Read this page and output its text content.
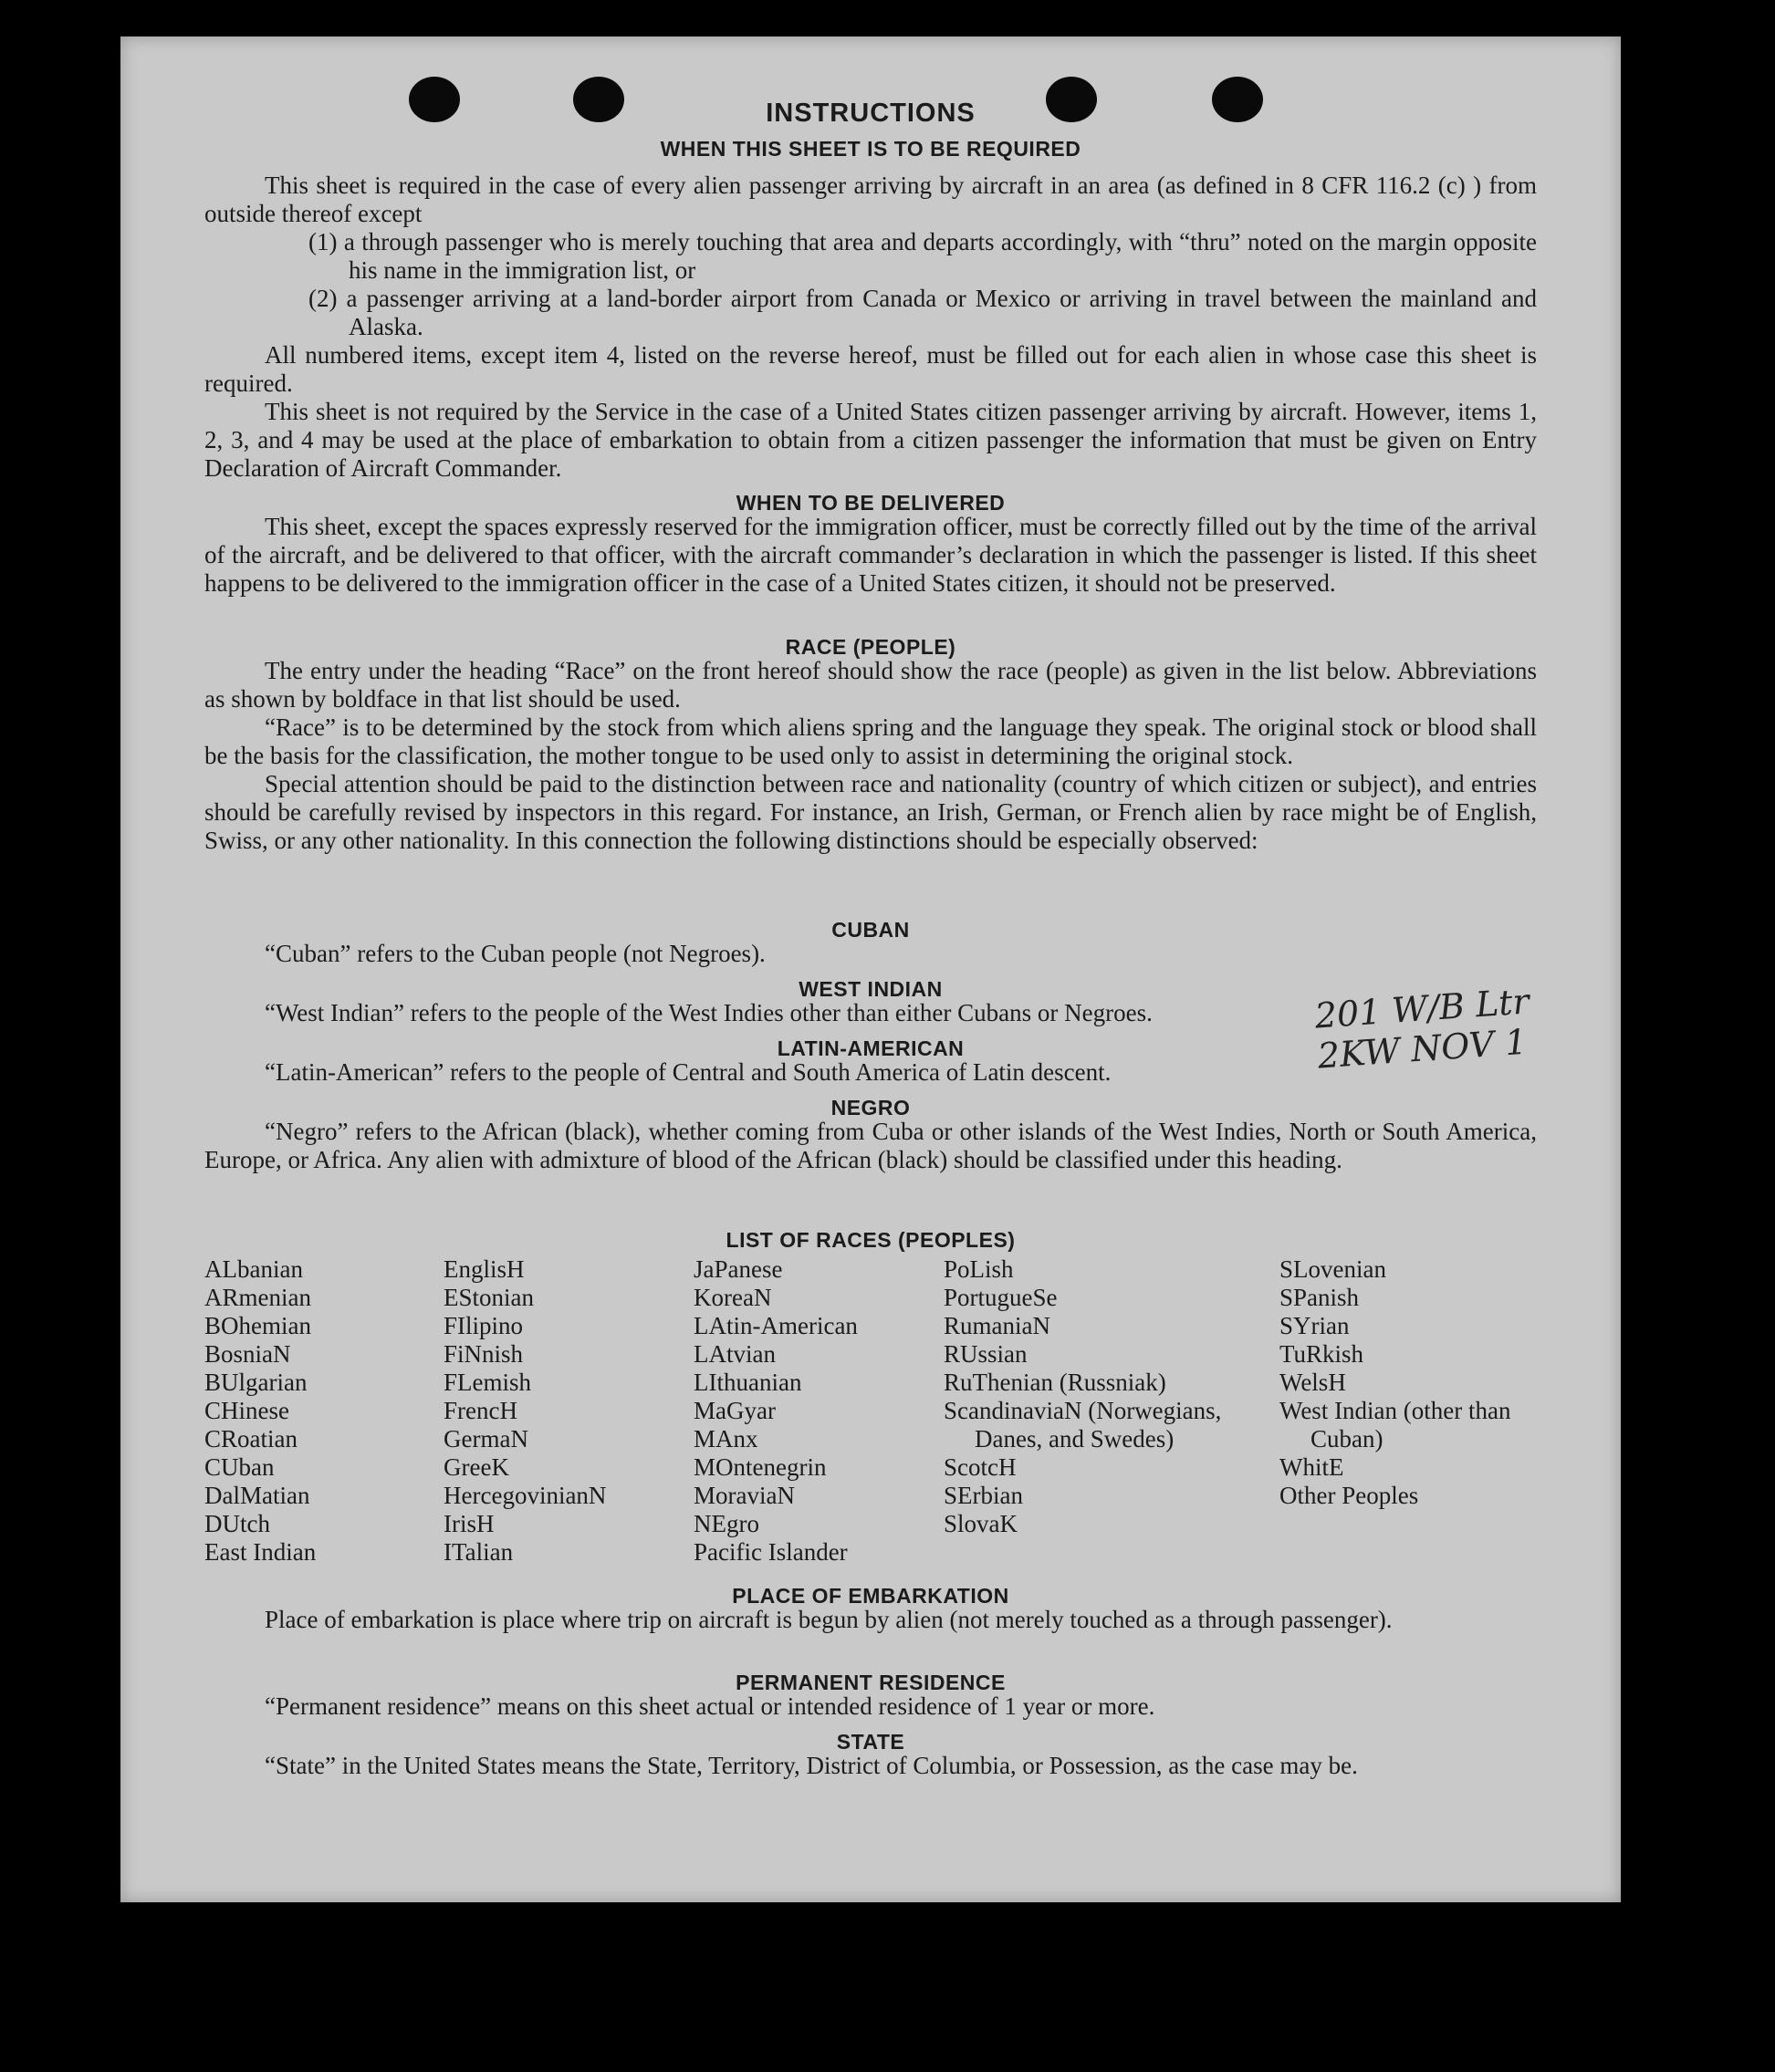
INSTRUCTIONS
WHEN THIS SHEET IS TO BE REQUIRED

This sheet is required in the case of every alien passenger arriving by aircraft in an area (as defined in 8 CFR 116.2 (c) ) from outside thereof except

(1) a through passenger who is merely touching that area and departs accordingly, with “thru” noted on the margin opposite his name in the immigration list, or

(2) a passenger arriving at a land-border airport from Canada or Mexico or arriving in travel between the mainland and Alaska.

All numbered items, except item 4, listed on the reverse hereof, must be filled out for each alien in whose case this sheet is required.

This sheet is not required by the Service in the case of a United States citizen passenger arriving by aircraft. However, items 1, 2, 3, and 4 may be used at the place of embarkation to obtain from a citizen passenger the information that must be given on Entry Declaration of Aircraft Commander.

WHEN TO BE DELIVERED

This sheet, except the spaces expressly reserved for the immigration officer, must be correctly filled out by the time of the arrival of the aircraft, and be delivered to that officer, with the aircraft commander’s declaration in which the passenger is listed. If this sheet happens to be delivered to the immigration officer in the case of a United States citizen, it should not be preserved.

RACE (PEOPLE)

The entry under the heading “Race” on the front hereof should show the race (people) as given in the list below. Abbreviations as shown by boldface in that list should be used.

“Race” is to be determined by the stock from which aliens spring and the language they speak. The original stock or blood shall be the basis for the classification, the mother tongue to be used only to assist in determining the original stock.

Special attention should be paid to the distinction between race and nationality (country of which citizen or subject), and entries should be carefully revised by inspectors in this regard. For instance, an Irish, German, or French alien by race might be of English, Swiss, or any other nationality. In this connection the following distinctions should be especially observed:

CUBAN

“Cuban” refers to the Cuban people (not Negroes).

WEST INDIAN

“West Indian” refers to the people of the West Indies other than either Cubans or Negroes.

LATIN-AMERICAN

“Latin-American” refers to the people of Central and South America of Latin descent.

NEGRO

“Negro” refers to the African (black), whether coming from Cuba or other islands of the West Indies, North or South America, Europe, or Africa. Any alien with admixture of blood of the African (black) should be classified under this heading.

LIST OF RACES (PEOPLES)
ALbanian
ARmenian
BOhemian
BosniaN
BUlgarian
CHinese
CRoatian
CUban
DalMatian
DUtch
East Indian
EnglisH
EStonian
FIlipino
FiNnish
FLemish
FrencH
GermaN
GreeK
HercegovinianN
IrisH
ITalian
JaPanese
KoreaN
LAtin-American
LAtvian
LIthuanian
MaGyar
MAnx
MOntenegrin
MoraviaN
NEgro
Pacific Islander
PoLish
PortugueSe
RumaniaN
RUssian
RuThenian (Russniak)
ScandinaviaN (Norwegians, Danes, and Swedes)
ScotcH
SErbian
SlovaK
SLovenian
SPanish
SYrian
TuRkish
WelsH
West Indian (other than Cuban)
WhitE
Other Peoples
PLACE OF EMBARKATION

Place of embarkation is place where trip on aircraft is begun by alien (not merely touched as a through passenger).

PERMANENT RESIDENCE

“Permanent residence” means on this sheet actual or intended residence of 1 year or more.

STATE

“State” in the United States means the State, Territory, District of Columbia, or Possession, as the case may be.

201 W/B Ltr 2KW NOV 1
